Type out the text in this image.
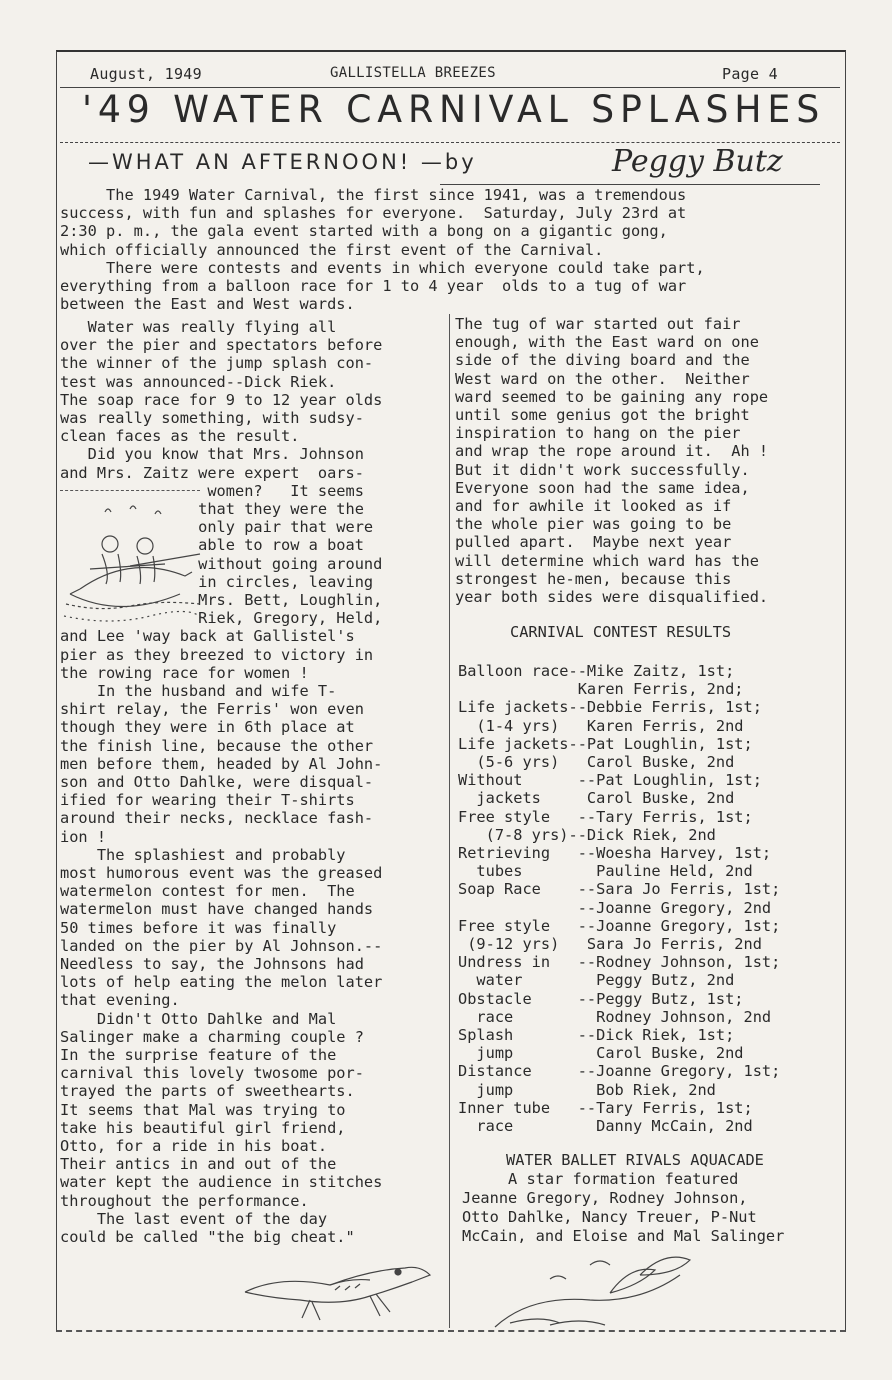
August, 1949	GALLISTELLA BREEZES	Page 4
'49 WATER CARNIVAL SPLASHES
—WHAT AN AFTERNOON! —by	Peggy Butz
The 1949 Water Carnival, the first since 1941, was a tremendous
success, with fun and splashes for everyone.  Saturday, July 23rd at
2:30 p. m., the gala event started with a bong on a gigantic gong,
which officially announced the first event of the Carnival.
There were contests and events in which everyone could take part,
everything from a balloon race for 1 to 4 year  olds to a tug of war
between the East and West wards.
Water was really flying all
over the pier and spectators before
the winner of the jump splash con-
test was announced--Dick Riek.
The soap race for 9 to 12 year olds
was really something, with sudsy-
clean faces as the result.
Did you know that Mrs. Johnson
and Mrs. Zaitz were expert  oars-
women?   It seems
that they were the
only pair that were
able to row a boat
without going around
in circles, leaving
Mrs. Bett, Loughlin,
Riek, Gregory, Held,
and Lee 'way back at Gallistel's
pier as they breezed to victory in
the rowing race for women !
In the husband and wife T-
shirt relay, the Ferris' won even
though they were in 6th place at
the finish line, because the other
men before them, headed by Al John-
son and Otto Dahlke, were disqual-
ified for wearing their T-shirts
around their necks, necklace fash-
ion !
The splashiest and probably
most humorous event was the greased
watermelon contest for men.  The
watermelon must have changed hands
50 times before it was finally
landed on the pier by Al Johnson.--
Needless to say, the Johnsons had
lots of help eating the melon later
that evening.
Didn't Otto Dahlke and Mal
Salinger make a charming couple ?
In the surprise feature of the
carnival this lovely twosome por-
trayed the parts of sweethearts.
It seems that Mal was trying to
take his beautiful girl friend,
Otto, for a ride in his boat.
Their antics in and out of the
water kept the audience in stitches
throughout the performance.
The last event of the day
could be called "the big cheat."
The tug of war started out fair
enough, with the East ward on one
side of the diving board and the
West ward on the other.  Neither
ward seemed to be gaining any rope
until some genius got the bright
inspiration to hang on the pier
and wrap the rope around it.  Ah !
But it didn't work successfully.
Everyone soon had the same idea,
and for awhile it looked as if
the whole pier was going to be
pulled apart.  Maybe next year
will determine which ward has the
strongest he-men, because this
year both sides were disqualified.
Balloon race--Mike Zaitz, 1st;
Karen Ferris, 2nd;
Life jackets--Debbie Ferris, 1st;
(1-4 yrs)   Karen Ferris, 2nd
Life jackets--Pat Loughlin, 1st;
(5-6 yrs)   Carol Buske, 2nd
Without      --Pat Loughlin, 1st;
jackets     Carol Buske, 2nd
Free style   --Tary Ferris, 1st;
(7-8 yrs)--Dick Riek, 2nd
Retrieving   --Woesha Harvey, 1st;
tubes        Pauline Held, 2nd
Soap Race    --Sara Jo Ferris, 1st;
--Joanne Gregory, 2nd
Free style   --Joanne Gregory, 1st;
(9-12 yrs)   Sara Jo Ferris, 2nd
Undress in   --Rodney Johnson, 1st;
water        Peggy Butz, 2nd
Obstacle     --Peggy Butz, 1st;
race         Rodney Johnson, 2nd
Splash       --Dick Riek, 1st;
jump         Carol Buske, 2nd
Distance     --Joanne Gregory, 1st;
jump         Bob Riek, 2nd
Inner tube   --Tary Ferris, 1st;
race         Danny McCain, 2nd
A star formation featured
Jeanne Gregory, Rodney Johnson,
Otto Dahlke, Nancy Treuer, P-Nut
McCain, and Eloise and Mal Salinger
CARNIVAL CONTEST RESULTS
WATER BALLET RIVALS AQUACADE
